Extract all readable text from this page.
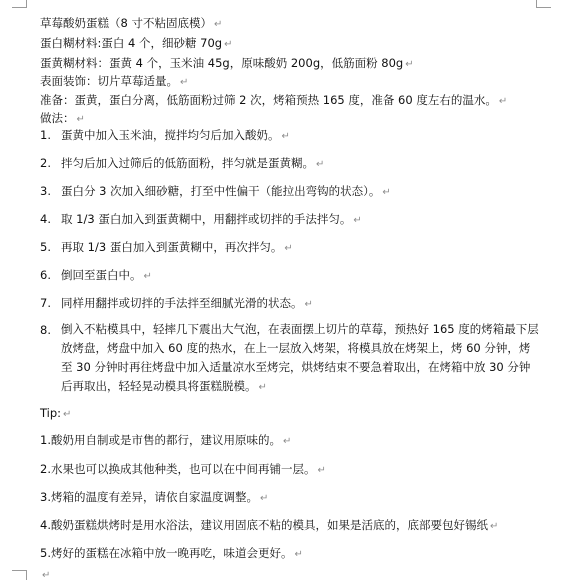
草莓酸奶蛋糕（8 寸不粘固底模） ↵
蛋白糊材料:蛋白 4 个，细砂糖 70g ↵
蛋黄糊材料：蛋黄 4 个，玉米油 45g，原味酸奶 200g，低筋面粉 80g ↵
表面装饰：切片草莓适量。 ↵
准备：蛋黄，蛋白分离，低筋面粉过筛 2 次，烤箱预热 165 度，准备 60 度左右的温水。 ↵
做法： ↵
1. 蛋黄中加入玉米油，搅拌均匀后加入酸奶。 ↵
2. 拌匀后加入过筛后的低筋面粉，拌匀就是蛋黄糊。 ↵
3. 蛋白分 3 次加入细砂糖，打至中性偏干（能拉出弯钩的状态）。 ↵
4. 取 1/3 蛋白加入到蛋黄糊中，用翻拌或切拌的手法拌匀。 ↵
5. 再取 1/3 蛋白加入到蛋黄糊中，再次拌匀。 ↵
6. 倒回至蛋白中。 ↵
7. 同样用翻拌或切拌的手法拌至细腻光滑的状态。 ↵
8. 倒入不粘模具中，轻摔几下震出大气泡，在表面摆上切片的草莓，预热好 165 度的烤箱最下层放烤盘，烤盘中加入 60 度的热水，在上一层放入烤架，将模具放在烤架上，烤 60 分钟，烤至 30 分钟时再往烤盘中加入适量凉水至烤完，烘烤结束不要急着取出，在烤箱中放 30 分钟后再取出，轻轻晃动模具将蛋糕脱模。 ↵
Tip: ↵
1.酸奶用自制或是市售的都行，建议用原味的。 ↵
2.水果也可以换成其他种类，也可以在中间再铺一层。 ↵
3.烤箱的温度有差异，请依自家温度调整。 ↵
4.酸奶蛋糕烘烤时是用水浴法，建议用固底不粘的模具，如果是活底的，底部要包好锡纸 ↵
5.烤好的蛋糕在冰箱中放一晚再吃，味道会更好。 ↵
↵
